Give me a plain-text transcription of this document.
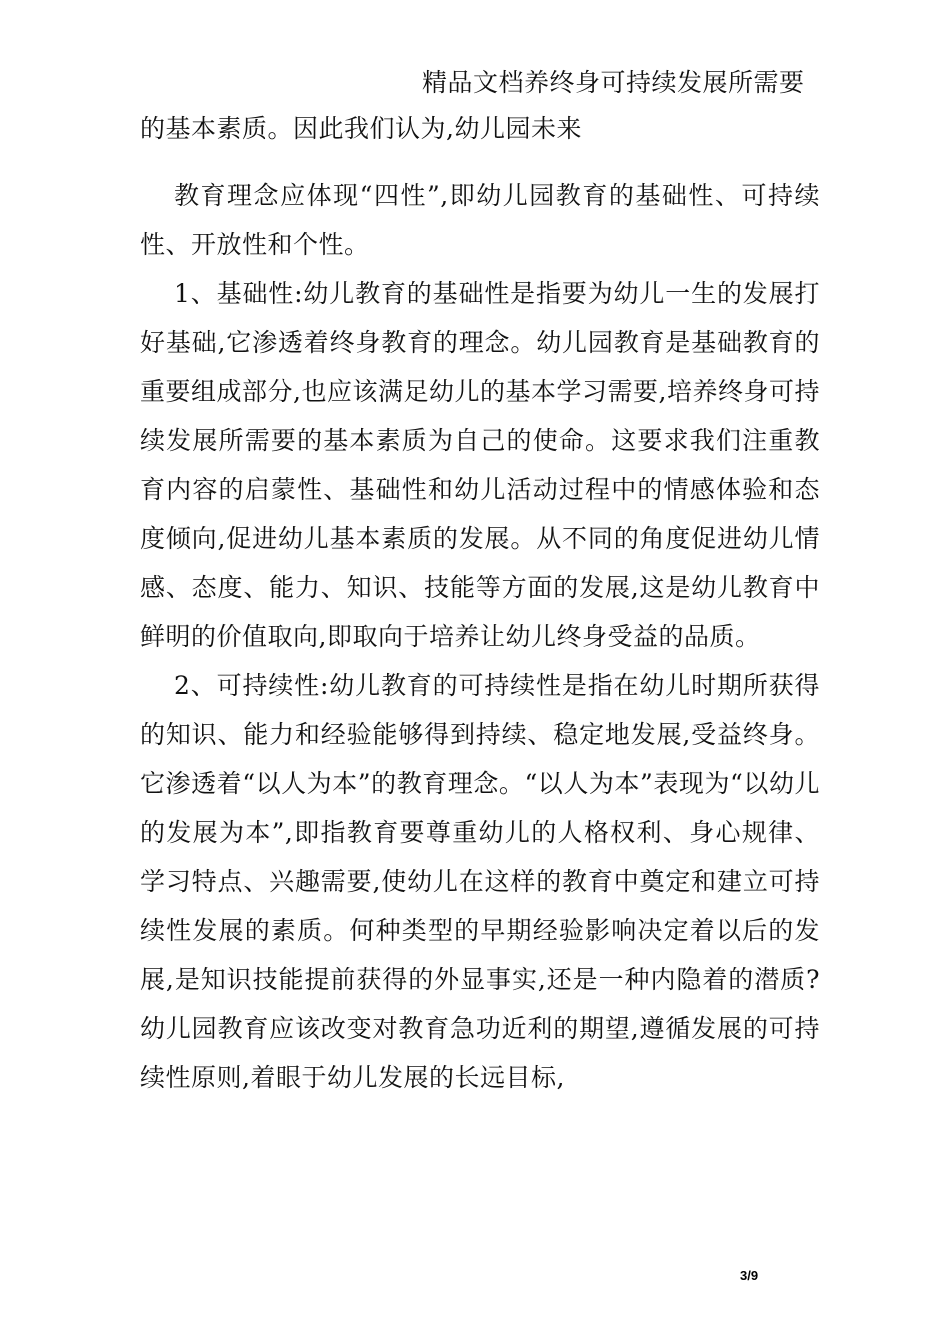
精品文档养终身可持续发展所需要

的基本素质。因此我们认为,幼儿园未来

教育理念应体现“四性”,即幼儿园教育的基础性、可持续性、开放性和个性。

1、基础性:幼儿教育的基础性是指要为幼儿一生的发展打好基础,它渗透着终身教育的理念。幼儿园教育是基础教育的重要组成部分,也应该满足幼儿的基本学习需要,培养终身可持续发展所需要的基本素质为自己的使命。这要求我们注重教育内容的启蒙性、基础性和幼儿活动过程中的情感体验和态度倾向,促进幼儿基本素质的发展。从不同的角度促进幼儿情感、态度、能力、知识、技能等方面的发展,这是幼儿教育中鲜明的价值取向,即取向于培养让幼儿终身受益的品质。

2、可持续性:幼儿教育的可持续性是指在幼儿时期所获得的知识、能力和经验能够得到持续、稳定地发展,受益终身。它渗透着“以人为本”的教育理念。“以人为本”表现为“以幼儿的发展为本”,即指教育要尊重幼儿的人格权利、身心规律、学习特点、兴趣需要,使幼儿在这样的教育中奠定和建立可持续性发展的素质。何种类型的早期经验影响决定着以后的发展,是知识技能提前获得的外显事实,还是一种内隐着的潜质?幼儿园教育应该改变对教育急功近利的期望,遵循发展的可持续性原则,着眼于幼儿发展的长远目标,

3/9
